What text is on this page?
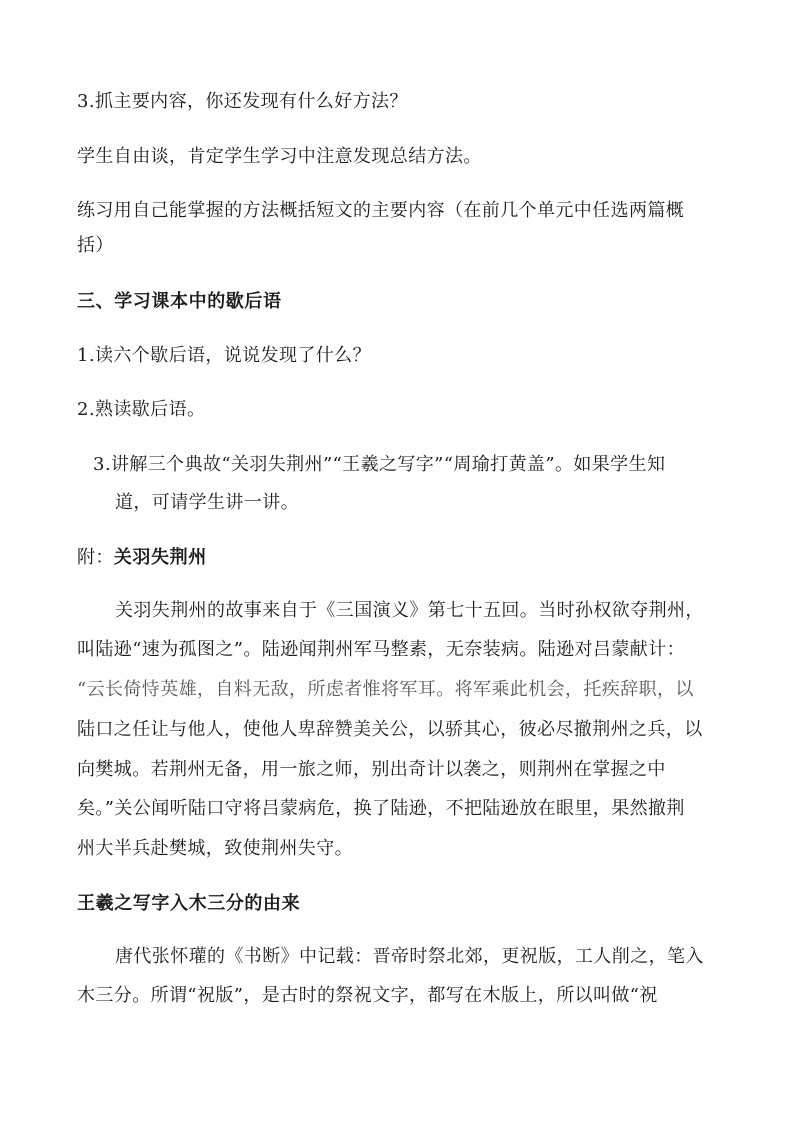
3.抓主要内容，你还发现有什么好方法？
学生自由谈，肯定学生学习中注意发现总结方法。
练习用自己能掌握的方法概括短文的主要内容（在前几个单元中任选两篇概
括）
三、学习课本中的歇后语
1.读六个歇后语，说说发现了什么？
2.熟读歇后语。
3.讲解三个典故“关羽失荆州”“王羲之写字”“周瑜打黄盖”。如果学生知
道，可请学生讲一讲。
附：关羽失荆州
关羽失荆州的故事来自于《三国演义》第七十五回。当时孙权欲夺荆州，
叫陆逊“速为孤图之”。陆逊闻荆州军马整素，无奈装病。陆逊对吕蒙献计：
“云长倚恃英雄，自料无敌，所虑者惟将军耳。将军乘此机会，托疾辞职，以
陆口之任让与他人，使他人卑辞赞美关公，以骄其心，彼必尽撤荆州之兵，以
向樊城。若荆州无备，用一旅之师，别出奇计以袭之，则荆州在掌握之中
矣。”关公闻听陆口守将吕蒙病危，换了陆逊，不把陆逊放在眼里，果然撤荆
州大半兵赴樊城，致使荆州失守。
王羲之写字入木三分的由来
唐代张怀瓘的《书断》中记载：晋帝时祭北郊，更祝版，工人削之，笔入
木三分。所谓“祝版”，是古时的祭祝文字，都写在木版上，所以叫做“祝
